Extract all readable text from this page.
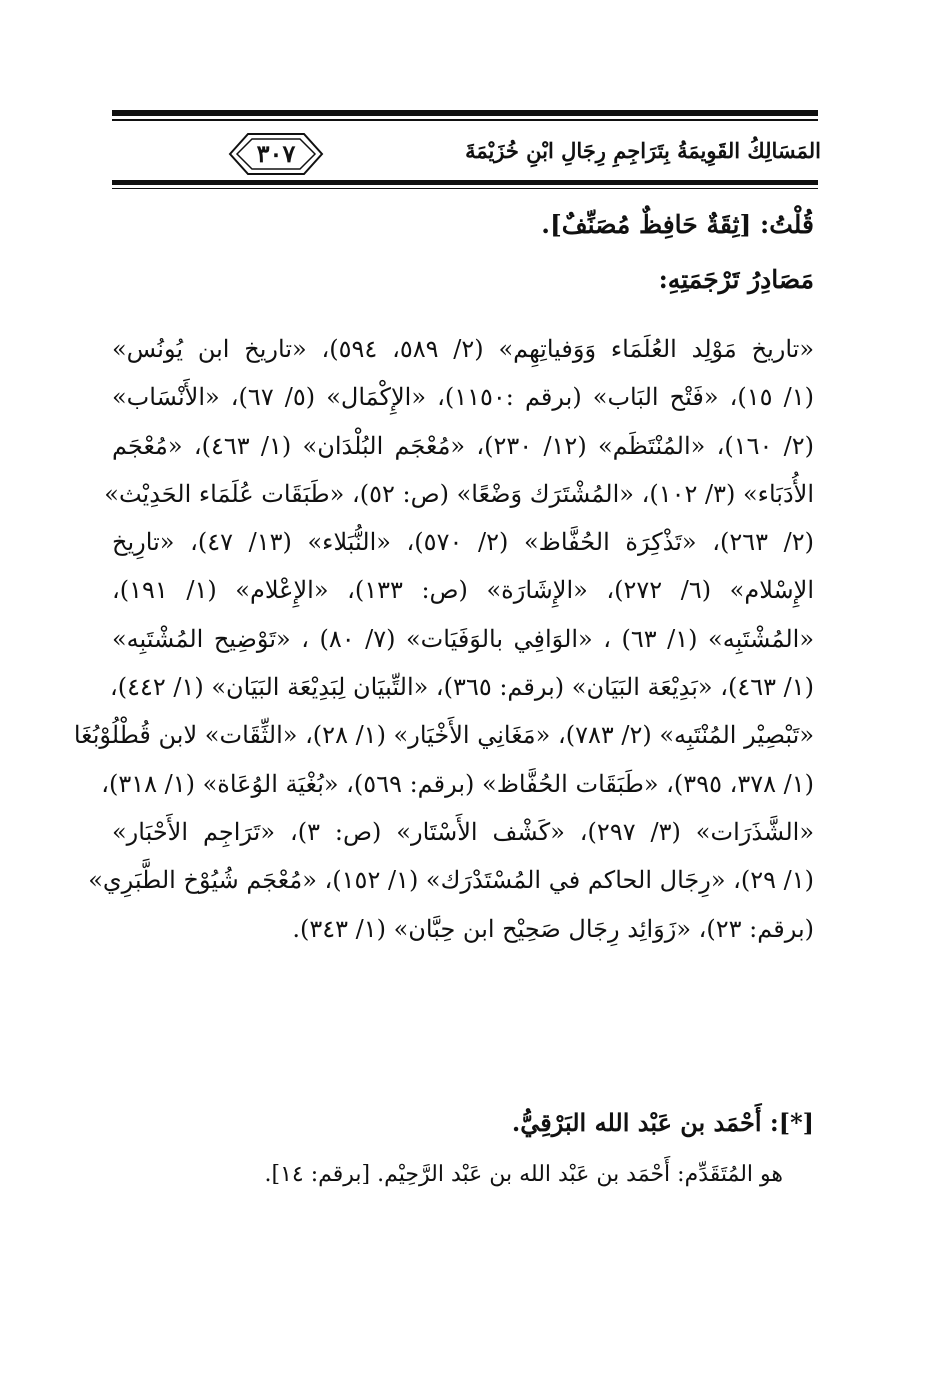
المَسَالِكُ القَوِيمَةُ بِتَرَاجِمِ رِجَالِ ابْنِ خُزَيْمَةَ
٣٠٧
قُلْتُ: [ثِقَةٌ حَافِظٌ مُصَنِّفٌ].
مَصَادِرُ تَرْجَمَتِهِ:
«تاريخ مَوْلِد العُلَمَاء وَوَفياتِهِم» (٢/ ٥٨٩، ٥٩٤)، «تاريخ ابن يُونُس»
(١/ ١٥)، «فَتْح البَاب» (برقم :١١٥٠)، «الإِكْمَال» (٥/ ٦٧)، «الأَنْسَاب»
(٢/ ١٦٠)، «المُنْتَظَم» (١٢/ ٢٣٠)، «مُعْجَم البُلْدَان» (١/ ٤٦٣)، «مُعْجَم
الأُدَبَاء» (٣/ ١٠٢)، «المُشْتَرَك وَضْعًا» (ص: ٥٢)، «طَبَقَات عُلَمَاء الحَدِيْث»
(٢/ ٢٦٣)، «تَذْكِرَة الحُفَّاظ» (٢/ ٥٧٠)، «النُّبَلاء» (١٣/ ٤٧)، «تارِيخ
الإِسْلام» (٦/ ٢٧٢)، «الإِشَارَة» (ص: ١٣٣)، «الإِعْلام» (١/ ١٩١)،
«المُشْتَبِه» (١/ ٦٣) ، «الوَافِي بالوَفَيَات» (٧/ ٨٠) ، «تَوْضِيح المُشْتَبِه»
(١/ ٤٦٣)، «بَدِيْعَة البَيَان» (برقم: ٣٦٥)، «التِّبيَان لِبَدِيْعَة البَيَان» (١/ ٤٤٢)،
«تَبْصِيْر المُنْتَبِه» (٢/ ٧٨٣)، «مَغَانِي الأَخْيَار» (١/ ٢٨)، «الثِّقَات» لابن قُطْلُوْبُغَا
(١/ ٣٧٨، ٣٩٥)، «طَبَقَات الحُفَّاظ» (برقم: ٥٦٩)، «بُغْيَة الوُعَاة» (١/ ٣١٨)،
«الشَّذَرَات» (٣/ ٢٩٧)، «كَشْف الأَسْتَار» (ص: ٣)، «تَرَاجِم الأَحْبَار»
(١/ ٢٩)، «رِجَال الحاكم في المُسْتَدْرَك» (١/ ١٥٢)، «مُعْجَم شُيُوْخ الطَّبَرِي»
(برقم: ٢٣)، «زَوَائِد رِجَال صَحِيْح ابن حِبَّان» (١/ ٣٤٣).
[*]: أَحْمَد بن عَبْد الله البَرْقِيُّ.
هو المُتَقَدِّم: أَحْمَد بن عَبْد الله بن عَبْد الرَّحِيْم. [برقم: ١٤].
